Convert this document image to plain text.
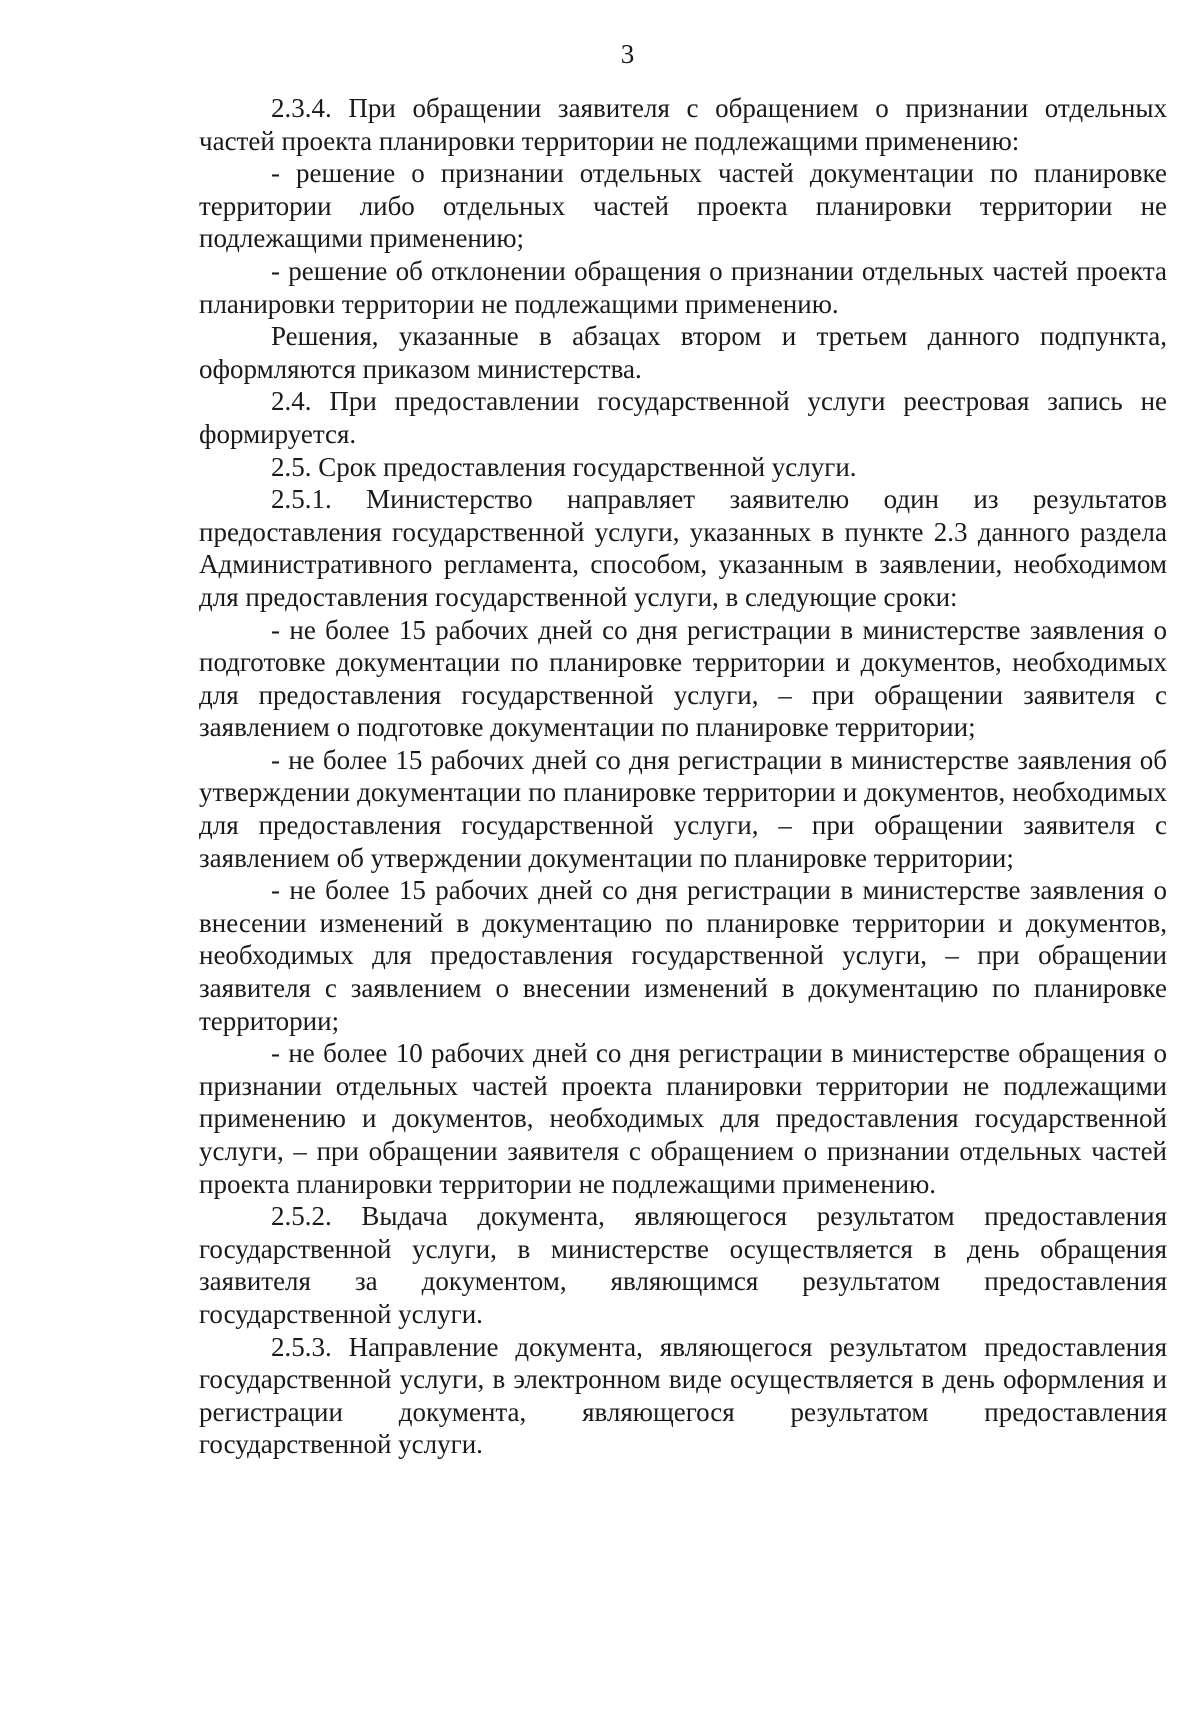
3

2.3.4. При обращении заявителя с обращением о признании отдельных частей проекта планировки территории не подлежащими применению:

- решение о признании отдельных частей документации по планировке территории либо отдельных частей проекта планировки территории не подлежащими применению;

- решение об отклонении обращения о признании отдельных частей проекта планировки территории не подлежащими применению.

Решения, указанные в абзацах втором и третьем данного подпункта, оформляются приказом министерства.

2.4. При предоставлении государственной услуги реестровая запись не формируется.

2.5. Срок предоставления государственной услуги.

2.5.1. Министерство направляет заявителю один из результатов предоставления государственной услуги, указанных в пункте 2.3 данного раздела Административного регламента, способом, указанным в заявлении, необходимом для предоставления государственной услуги, в следующие сроки:

- не более 15 рабочих дней со дня регистрации в министерстве заявления о подготовке документации по планировке территории и документов, необходимых для предоставления государственной услуги, – при обращении заявителя с заявлением о подготовке документации по планировке территории;

- не более 15 рабочих дней со дня регистрации в министерстве заявления об утверждении документации по планировке территории и документов, необходимых для предоставления государственной услуги, – при обращении заявителя с заявлением об утверждении документации по планировке территории;

- не более 15 рабочих дней со дня регистрации в министерстве заявления о внесении изменений в документацию по планировке территории и документов, необходимых для предоставления государственной услуги, – при обращении заявителя с заявлением о внесении изменений в документацию по планировке территории;

- не более 10 рабочих дней со дня регистрации в министерстве обращения о признании отдельных частей проекта планировки территории не подлежащими применению и документов, необходимых для предоставления государственной услуги, – при обращении заявителя с обращением о признании отдельных частей проекта планировки территории не подлежащими применению.

2.5.2. Выдача документа, являющегося результатом предоставления государственной услуги, в министерстве осуществляется в день обращения заявителя за документом, являющимся результатом предоставления государственной услуги.

2.5.3. Направление документа, являющегося результатом предоставления государственной услуги, в электронном виде осуществляется в день оформления и регистрации документа, являющегося результатом предоставления государственной услуги.
